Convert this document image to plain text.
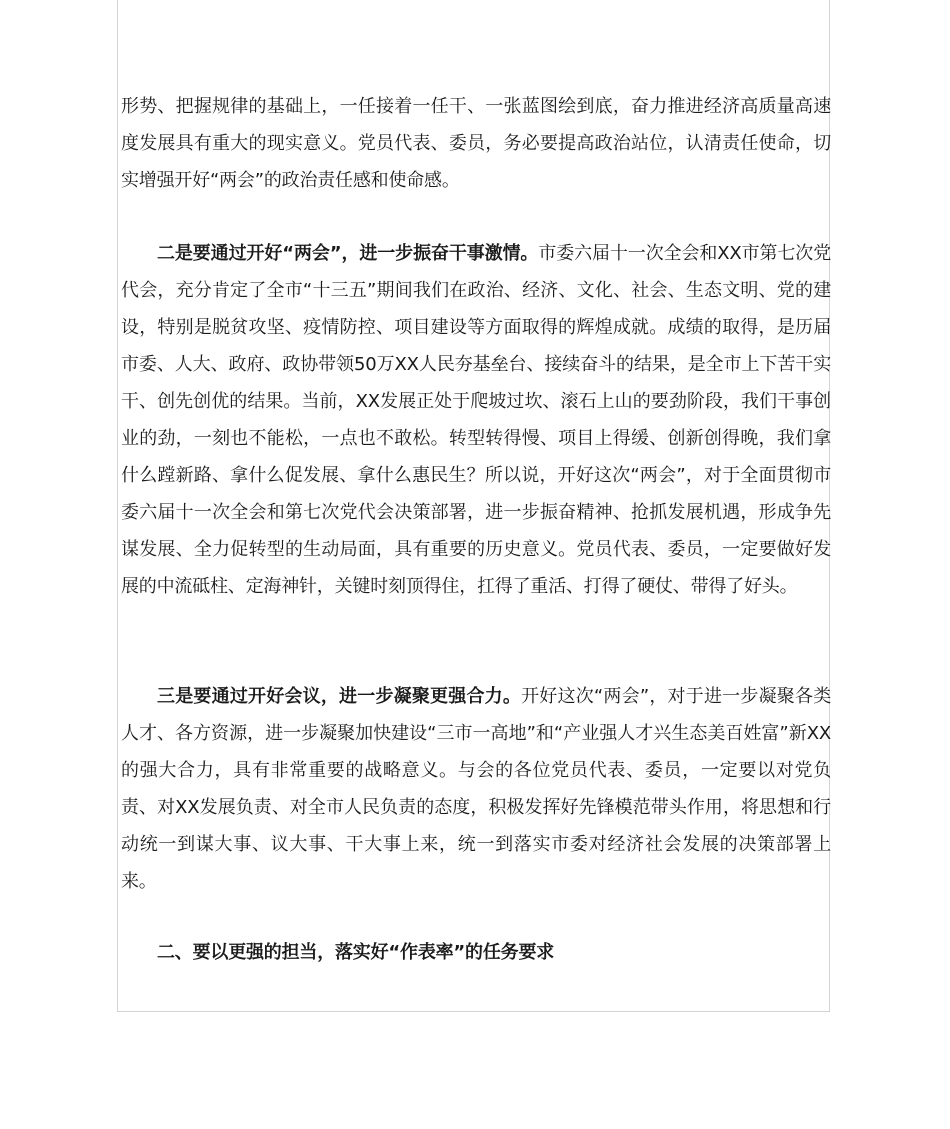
形势、把握规律的基础上，一任接着一任干、一张蓝图绘到底，奋力推进经济高质量高速度发展具有重大的现实意义。党员代表、委员，务必要提高政治站位，认清责任使命，切实增强开好“两会”的政治责任感和使命感。

二是要通过开好“两会”，进一步振奋干事激情。市委六届十一次全会和XX市第七次党代会，充分肯定了全市“十三五”期间我们在政治、经济、文化、社会、生态文明、党的建设，特别是脱贫攻坚、疫情防控、项目建设等方面取得的辉煌成就。成绩的取得，是历届市委、人大、政府、政协带领50万XX人民夯基垒台、接续奋斗的结果，是全市上下苦干实干、创先创优的结果。当前，XX发展正处于爬坡过坎、滚石上山的要劲阶段，我们干事创业的劲，一刻也不能松，一点也不敢松。转型转得慢、项目上得缓、创新创得晚，我们拿什么蹚新路、拿什么促发展、拿什么惠民生？所以说，开好这次“两会”，对于全面贯彻市委六届十一次全会和第七次党代会决策部署，进一步振奋精神、抢抓发展机遇，形成争先谋发展、全力促转型的生动局面，具有重要的历史意义。党员代表、委员，一定要做好发展的中流砥柱、定海神针，关键时刻顶得住，扛得了重活、打得了硬仗、带得了好头。

三是要通过开好会议，进一步凝聚更强合力。开好这次“两会”，对于进一步凝聚各类人才、各方资源，进一步凝聚加快建设“三市一高地”和“产业强人才兴生态美百姓富”新XX的强大合力，具有非常重要的战略意义。与会的各位党员代表、委员，一定要以对党负责、对XX发展负责、对全市人民负责的态度，积极发挥好先锋模范带头作用，将思想和行动统一到谋大事、议大事、干大事上来，统一到落实市委对经济社会发展的决策部署上来。

二、要以更强的担当，落实好“作表率”的任务要求
